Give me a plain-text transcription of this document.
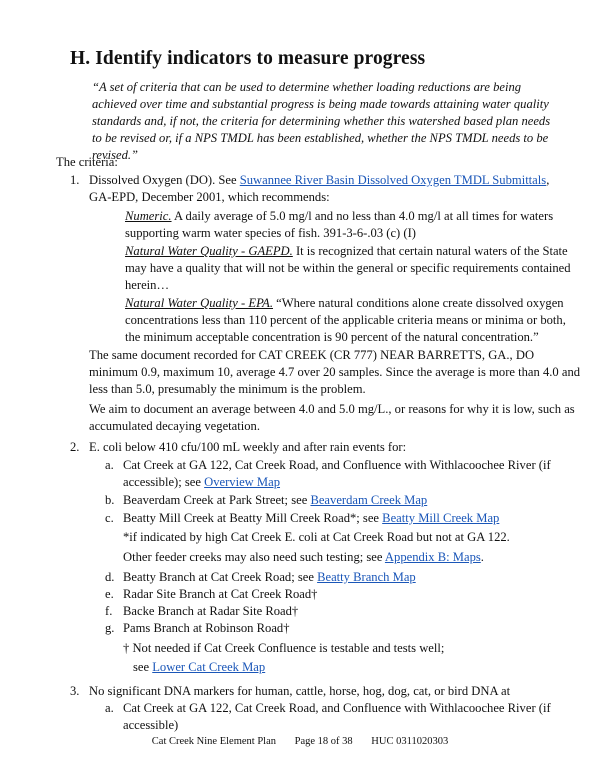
H. Identify indicators to measure progress
“A set of criteria that can be used to determine whether loading reductions are being achieved over time and substantial progress is being made towards attaining water quality standards and, if not, the criteria for determining whether this watershed based plan needs to be revised or, if a NPS TMDL has been established, whether the NPS TMDL needs to be revised.”
The criteria:
1. Dissolved Oxygen (DO). See Suwannee River Basin Dissolved Oxygen TMDL Submittals,
GA-EPD, December 2001, which recommends:
Numeric. A daily average of 5.0 mg/l and no less than 4.0 mg/l at all times for waters
supporting warm water species of fish. 391-3-6-.03 (c) (I)
Natural Water Quality - GAEPD. It is recognized that certain natural waters of the State
may have a quality that will not be within the general or specific requirements contained
herein…
Natural Water Quality - EPA. “Where natural conditions alone create dissolved oxygen
concentrations less than 110 percent of the applicable criteria means or minima or both,
the minimum acceptable concentration is 90 percent of the natural concentration.”
The same document recorded for CAT CREEK (CR 777) NEAR BARRETTS, GA., DO
minimum 0.9, maximum 10, average 4.7 over 20 samples. Since the average is more than 4.0 and
less than 5.0, presumably the minimum is the problem.
We aim to document an average between 4.0 and 5.0 mg/L., or reasons for why it is low, such as
accumulated decaying vegetation.
2. E. coli below 410 cfu/100 mL weekly and after rain events for:
a. Cat Creek at GA 122, Cat Creek Road, and Confluence with Withlacoochee River (if
accessible); see Overview Map
b. Beaverdam Creek at Park Street; see Beaverdam Creek Map
c. Beatty Mill Creek at Beatty Mill Creek Road*; see Beatty Mill Creek Map
*if indicated by high Cat Creek E. coli at Cat Creek Road but not at GA 122.
Other feeder creeks may also need such testing; see Appendix B: Maps.
d. Beatty Branch at Cat Creek Road; see Beatty Branch Map
e. Radar Site Branch at Cat Creek Road†
f. Backe Branch at Radar Site Road†
g. Pams Branch at Robinson Road†
† Not needed if Cat Creek Confluence is testable and tests well;
see Lower Cat Creek Map
3. No significant DNA markers for human, cattle, horse, hog, dog, cat, or bird DNA at
a. Cat Creek at GA 122, Cat Creek Road, and Confluence with Withlacoochee River (if
accessible)
Cat Creek Nine Element Plan Page 18 of 38 HUC 0311020303
